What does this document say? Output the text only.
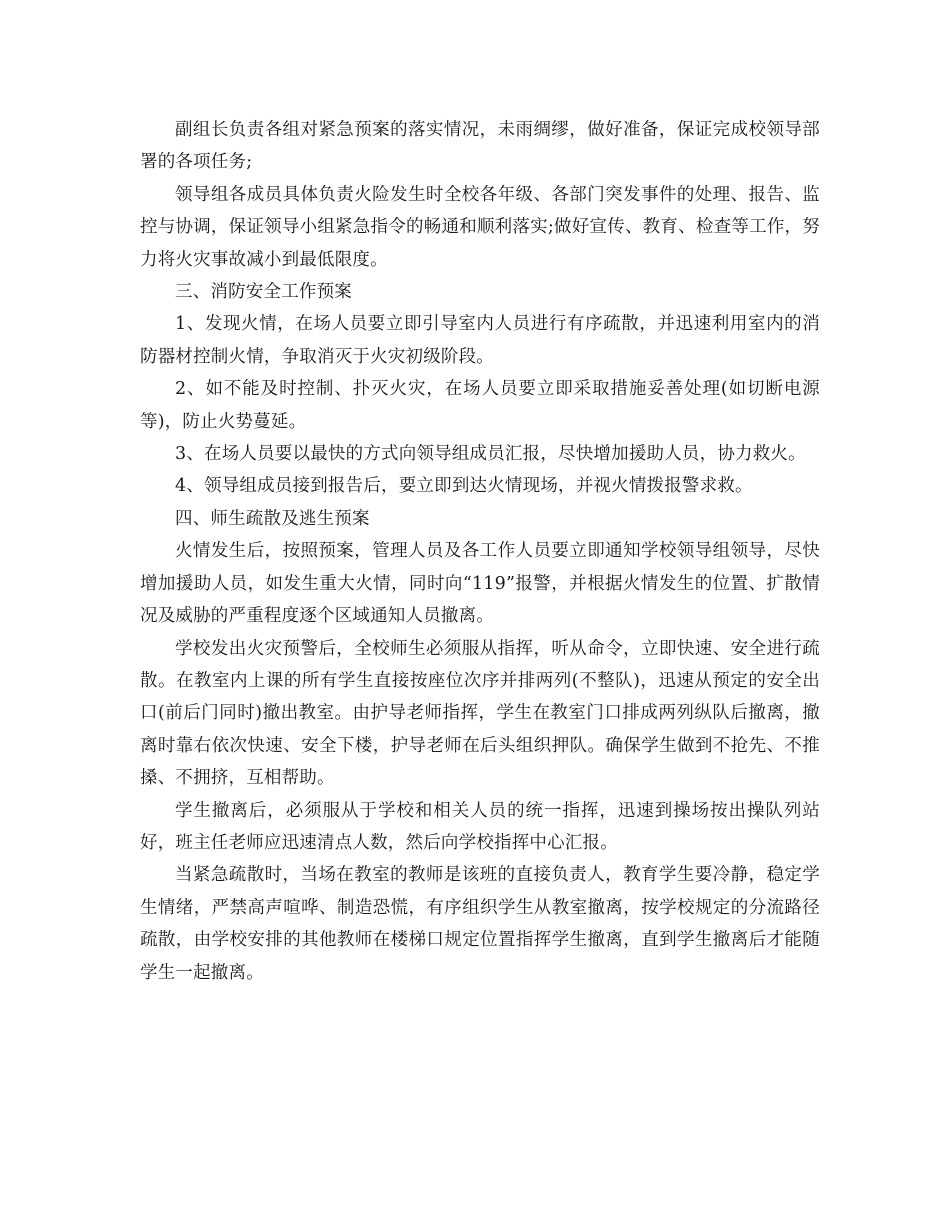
副组长负责各组对紧急预案的落实情况，未雨绸缪，做好准备，保证完成校领导部署的各项任务;

领导组各成员具体负责火险发生时全校各年级、各部门突发事件的处理、报告、监控与协调，保证领导小组紧急指令的畅通和顺利落实;做好宣传、教育、检查等工作，努力将火灾事故减小到最低限度。

三、消防安全工作预案

1、发现火情，在场人员要立即引导室内人员进行有序疏散，并迅速利用室内的消防器材控制火情，争取消灭于火灾初级阶段。

2、如不能及时控制、扑灭火灾，在场人员要立即采取措施妥善处理(如切断电源等)，防止火势蔓延。

3、在场人员要以最快的方式向领导组成员汇报，尽快增加援助人员，协力救火。

4、领导组成员接到报告后，要立即到达火情现场，并视火情拨报警求救。

四、师生疏散及逃生预案

火情发生后，按照预案，管理人员及各工作人员要立即通知学校领导组领导，尽快增加援助人员，如发生重大火情，同时向“119”报警，并根据火情发生的位置、扩散情况及威胁的严重程度逐个区域通知人员撤离。

学校发出火灾预警后，全校师生必须服从指挥，听从命令，立即快速、安全进行疏散。在教室内上课的所有学生直接按座位次序并排两列(不整队)，迅速从预定的安全出口(前后门同时)撤出教室。由护导老师指挥，学生在教室门口排成两列纵队后撤离，撤离时靠右依次快速、安全下楼，护导老师在后头组织押队。确保学生做到不抢先、不推搡、不拥挤，互相帮助。

学生撤离后，必须服从于学校和相关人员的统一指挥，迅速到操场按出操队列站好，班主任老师应迅速清点人数，然后向学校指挥中心汇报。

当紧急疏散时，当场在教室的教师是该班的直接负责人，教育学生要冷静，稳定学生情绪，严禁高声喧哗、制造恐慌，有序组织学生从教室撤离，按学校规定的分流路径疏散，由学校安排的其他教师在楼梯口规定位置指挥学生撤离，直到学生撤离后才能随学生一起撤离。
